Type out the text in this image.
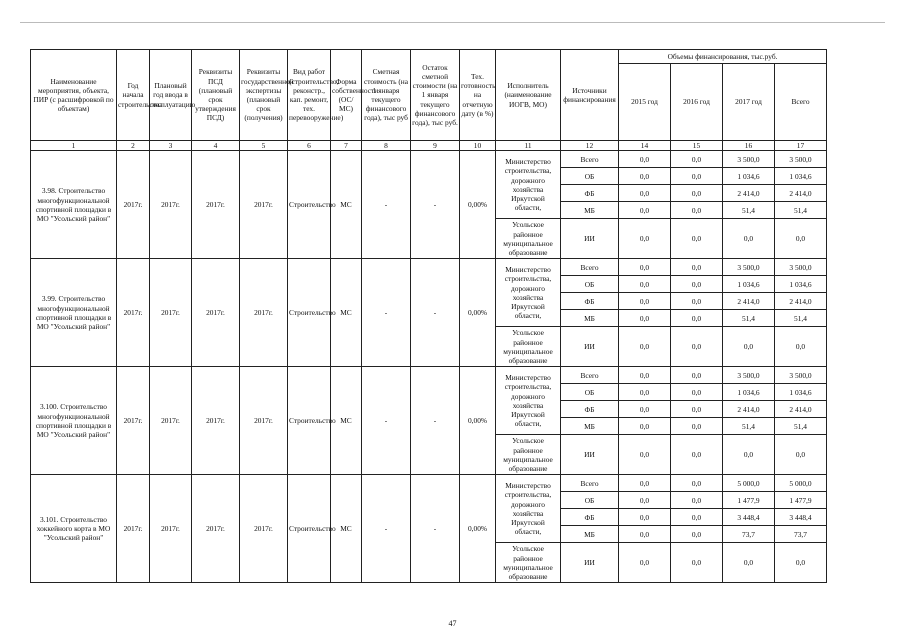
Наименование мероприятия, объекта, ПИР (с расшифровкой по объектам)	Год начала строительства	Плановый год ввода в эксплуатацию	Реквизиты ПСД (плановый срок утверждения ПСД)	Реквизиты государственной экспертизы (плановый срок (получения)	Вид работ (строительство, реконстр., кап. ремонт, тех. перевооружение)	Форма собственности (ОС/МС)	Сметная стоимость (на 1 января текущего финансового года), тыс руб	Остаток сметной стоимости (на 1 января текущего финансового года), тыс руб.	Тех. готовность на отчетную дату (в %)	Исполнитель (наименование ИОГВ, МО)	Источники финансирования	Объемы финансирования, тыс.руб.			
												2015 год	2016 год	2017 год	Всего
1	2	3	4	5	6	7	8	9	10	11	12	14	15	16	17
3.98. Строительство многофункциональной спортивной площадки в МО "Усольский район"	2017г.	2017г.	2017г.	2017г.	Строительство	МС	-	-	0,00%	Министерство строительства, дорожного хозяйства Иркутской области,	Всего	0,0	0,0	3 500,0	3 500,0
											ОБ	0,0	0,0	1 034,6	1 034,6
											ФБ	0,0	0,0	2 414,0	2 414,0
											МБ	0,0	0,0	51,4	51,4
										Усольское районное муниципальное образование	ИИ	0,0	0,0	0,0	0,0
3.99. Строительство многофункциональной спортивной площадки в МО "Усольский район"	2017г.	2017г.	2017г.	2017г.	Строительство	МС	-	-	0,00%	Министерство строительства, дорожного хозяйства Иркутской области,	Всего	0,0	0,0	3 500,0	3 500,0
											ОБ	0,0	0,0	1 034,6	1 034,6
											ФБ	0,0	0,0	2 414,0	2 414,0
											МБ	0,0	0,0	51,4	51,4
										Усольское районное муниципальное образование	ИИ	0,0	0,0	0,0	0,0
3.100. Строительство многофункциональной спортивной площадки в МО "Усольский район"	2017г.	2017г.	2017г.	2017г.	Строительство	МС	-	-	0,00%	Министерство строительства, дорожного хозяйства Иркутской области,	Всего	0,0	0,0	3 500,0	3 500,0
											ОБ	0,0	0,0	1 034,6	1 034,6
											ФБ	0,0	0,0	2 414,0	2 414,0
											МБ	0,0	0,0	51,4	51,4
										Усольское районное муниципальное образование	ИИ	0,0	0,0	0,0	0,0
3.101. Строительство хоккейного корта в МО "Усольский район"	2017г.	2017г.	2017г.	2017г.	Строительство	МС	-	-	0,00%	Министерство строительства, дорожного хозяйства Иркутской области,	Всего	0,0	0,0	5 000,0	5 000,0
											ОБ	0,0	0,0	1 477,9	1 477,9
											ФБ	0,0	0,0	3 448,4	3 448,4
											МБ	0,0	0,0	73,7	73,7
										Усольское районное муниципальное образование	ИИ	0,0	0,0	0,0	0,0
47
